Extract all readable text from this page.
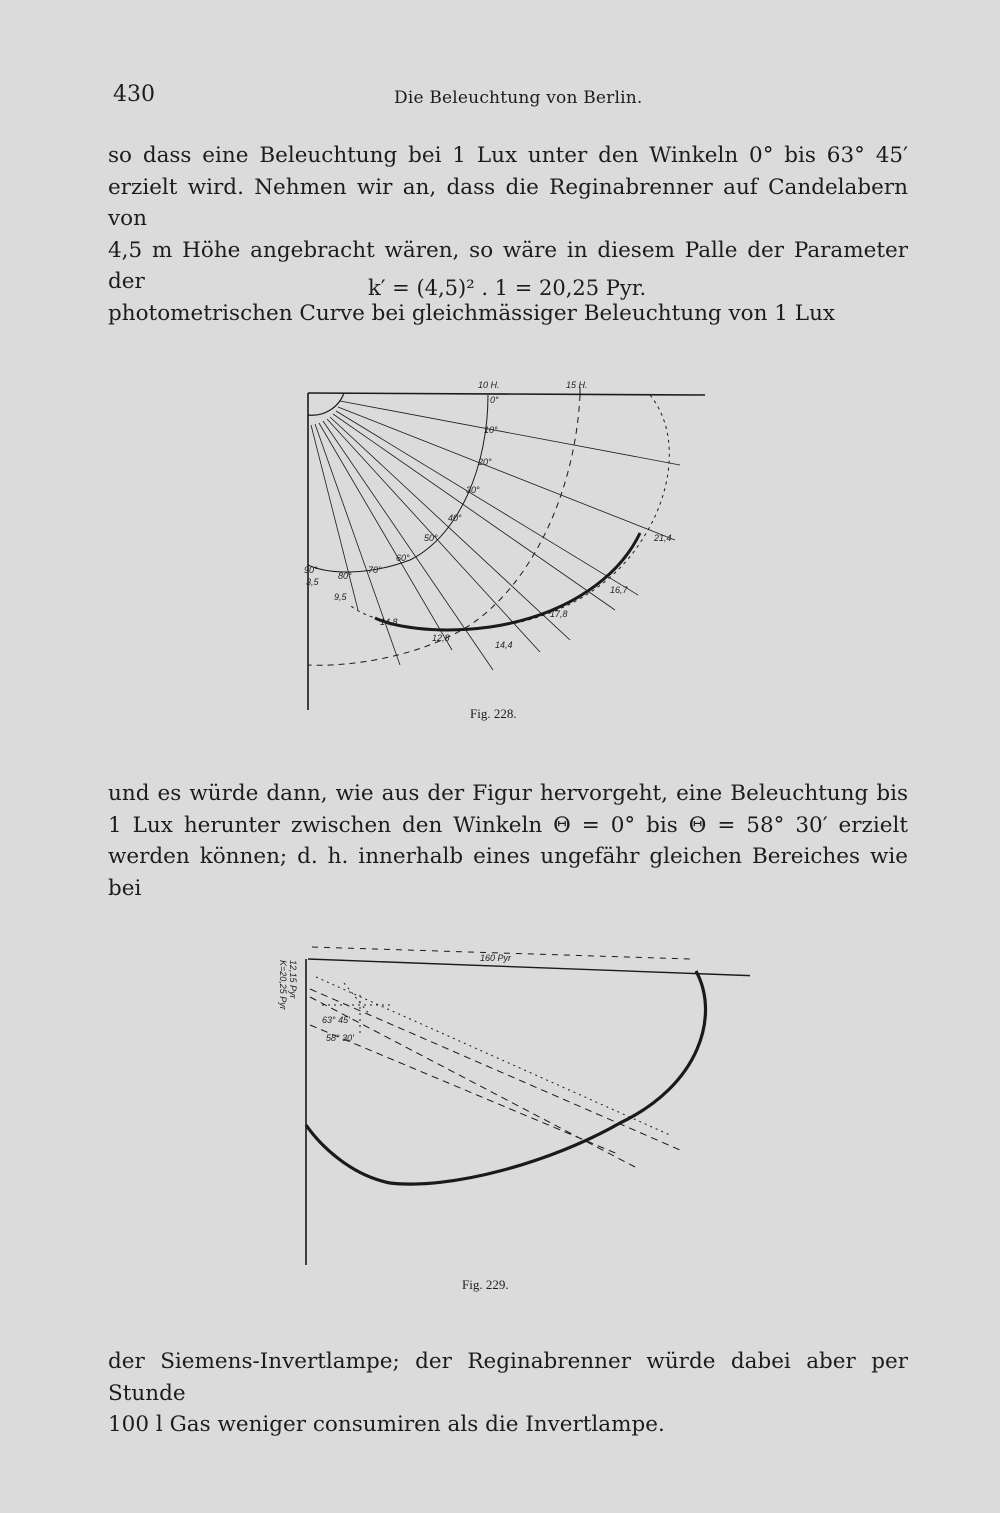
430	Die Beleuchtung von Berlin.
so dass eine Beleuchtung bei 1 Lux unter den Winkeln 0° bis 63° 45′
erzielt wird. Nehmen wir an, dass die Reginabrenner auf Candelabern von
4,5 m Höhe angebracht wären, so wäre in diesem Palle der Parameter der
photometrischen Curve bei gleichmässiger Beleuchtung von 1 Lux
k′ = (4,5)² . 1 = 20,25 Pyr.
10 H.	15 H.
21,4
16,7
17,8
14,4
12,8
14,8
9,5
3,5
0°
10°
20°
30°
40°
50°
60°
70°
80°
90°
Fig. 228.
und es würde dann, wie aus der Figur hervorgeht, eine Beleuchtung bis
1 Lux herunter zwischen den Winkeln Θ = 0° bis Θ = 58° 30′ erzielt
werden können; d. h. innerhalb eines ungefähr gleichen Bereiches wie bei
160 Pyr
12,15 Pyr
K=20,25 Pyr
58° 30′
63° 45′
Fig. 229.
der Siemens-Invertlampe; der Reginabrenner würde dabei aber per Stunde
100 l Gas weniger consumiren als die Invertlampe.
